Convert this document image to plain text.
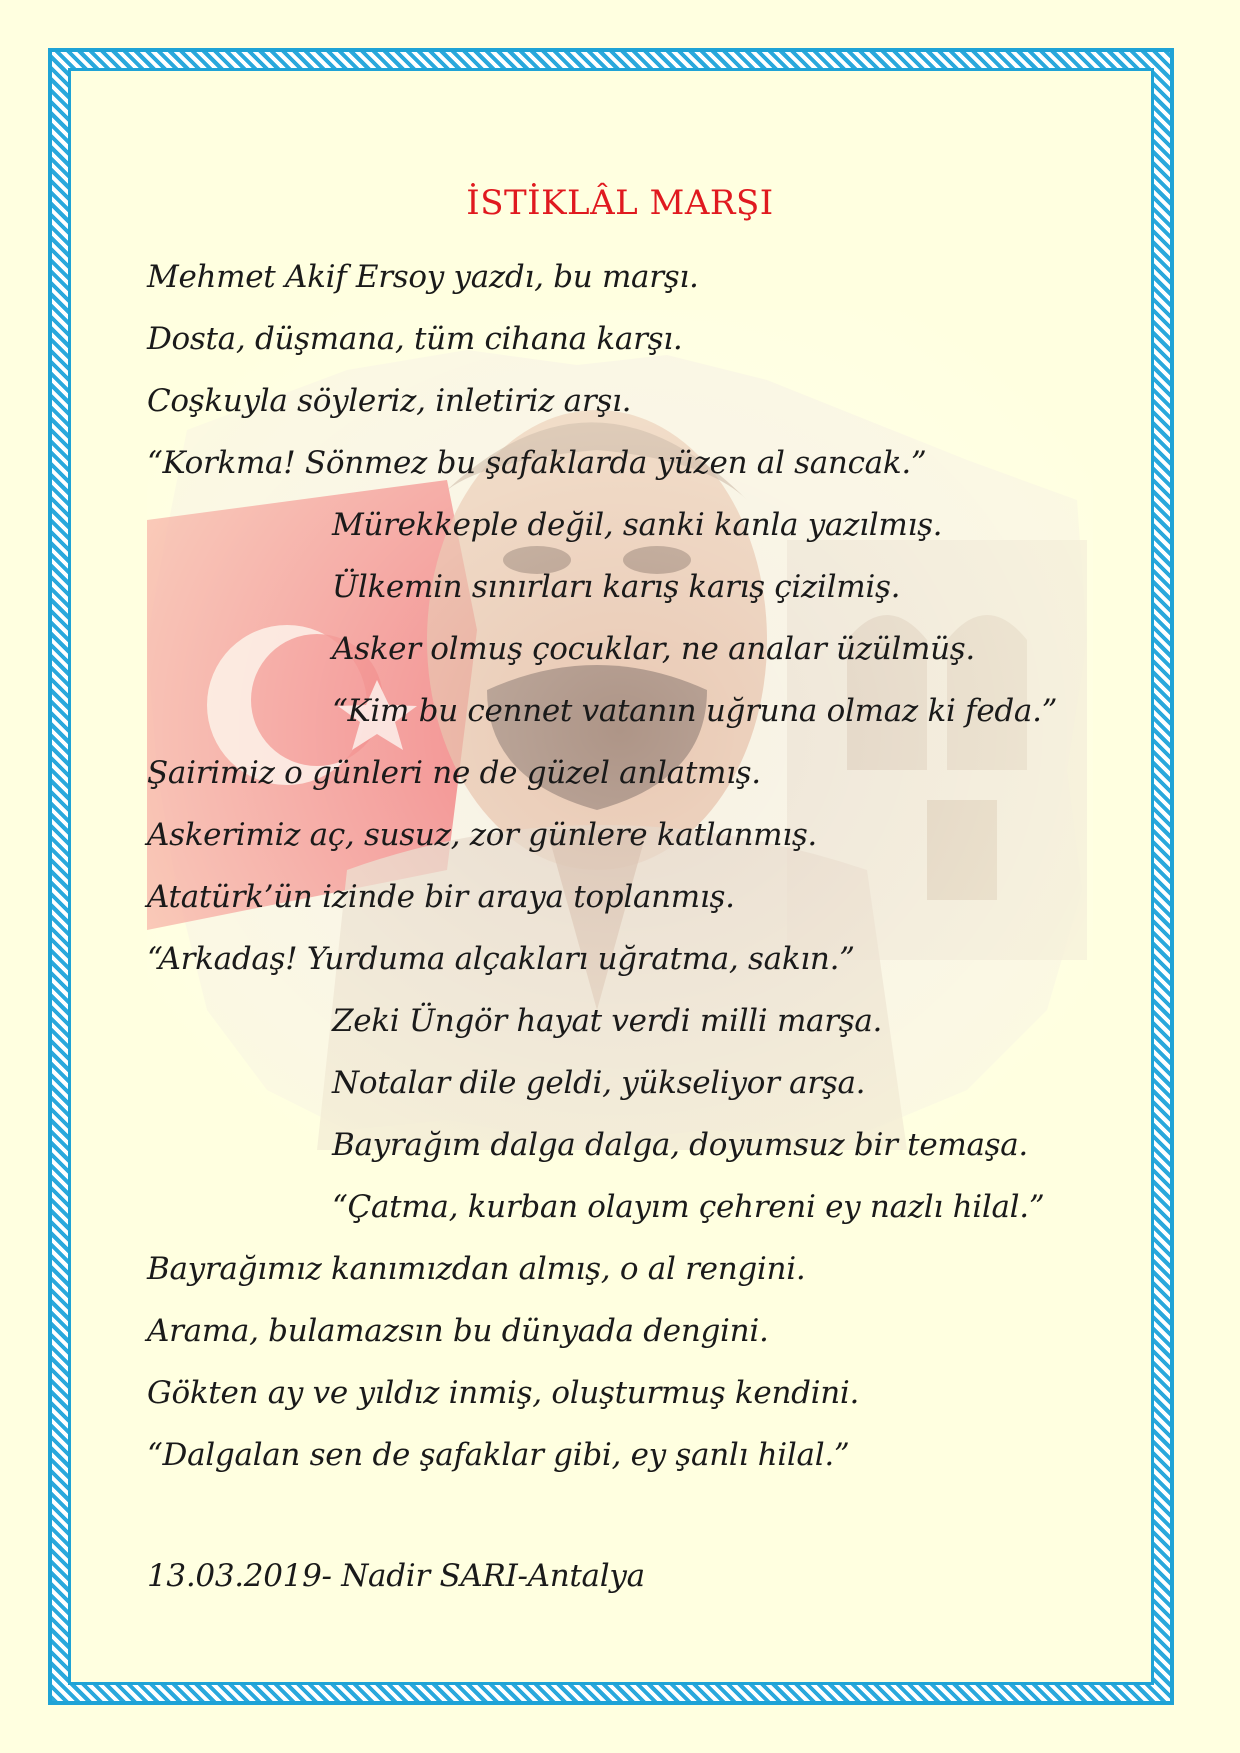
İSTİKLÂL MARŞI
Mehmet Akif Ersoy yazdı, bu marşı.
Dosta, düşmana, tüm cihana karşı.
Coşkuyla söyleriz, inletiriz arşı.
“Korkma! Sönmez bu şafaklarda yüzen al sancak.”
Mürekkeple değil, sanki kanla yazılmış.
Ülkemin sınırları karış karış çizilmiş.
Asker olmuş çocuklar, ne analar üzülmüş.
“Kim bu cennet vatanın uğruna olmaz ki feda.”
Şairimiz o günleri ne de güzel anlatmış.
Askerimiz aç, susuz, zor günlere katlanmış.
Atatürk’ün izinde bir araya toplanmış.
“Arkadaş! Yurduma alçakları uğratma, sakın.”
Zeki Üngör hayat verdi milli marşa.
Notalar dile geldi, yükseliyor arşa.
Bayrağım dalga dalga, doyumsuz bir temaşa.
“Çatma, kurban olayım çehreni ey nazlı hilal.”
Bayrağımız kanımızdan almış, o al rengini.
Arama, bulamazsın bu dünyada dengini.
Gökten ay ve yıldız inmiş, oluşturmuş kendini.
“Dalgalan sen de şafaklar gibi, ey şanlı hilal.”
13.03.2019- Nadir SARI-Antalya
